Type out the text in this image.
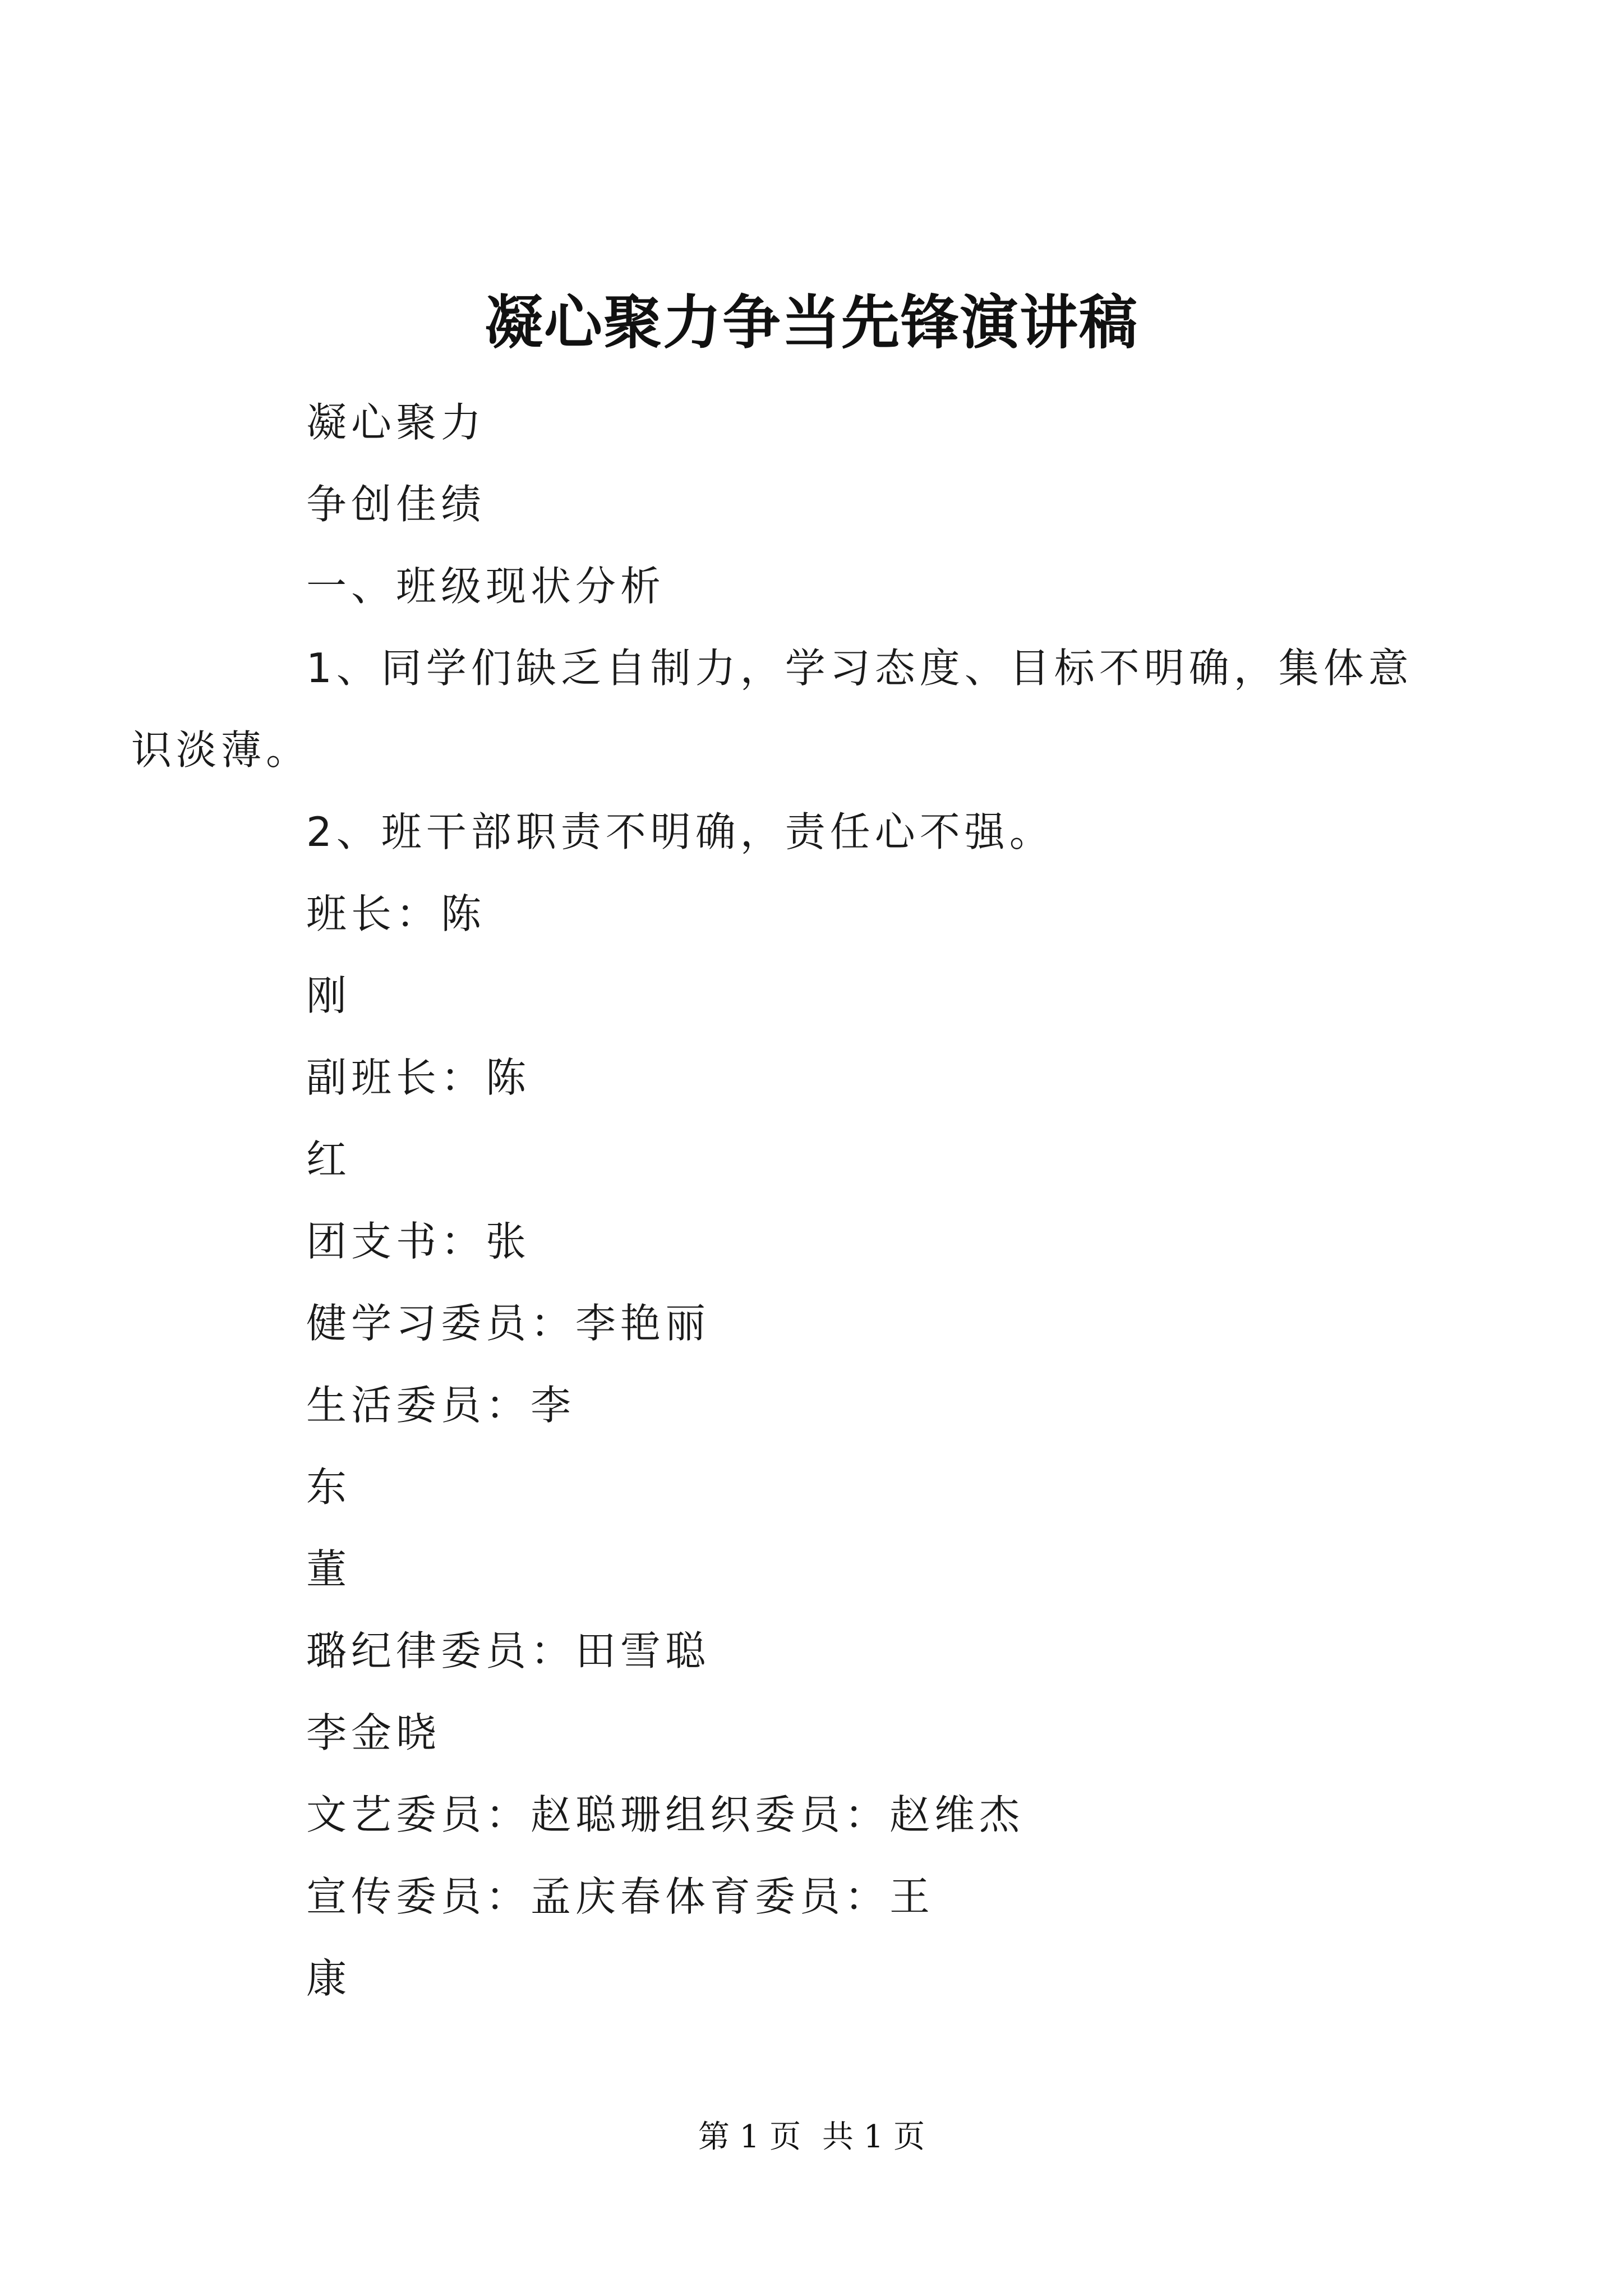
凝心聚力争当先锋演讲稿

凝心聚力

争创佳绩

一、班级现状分析

1、同学们缺乏自制力，学习态度、目标不明确，集体意识淡薄。

2、班干部职责不明确，责任心不强。

班长：陈

刚

副班长：陈

红

团支书：张

健学习委员：李艳丽

生活委员：李

东

董

璐纪律委员：田雪聪

李金晓

文艺委员：赵聪珊组织委员：赵维杰

宣传委员：孟庆春体育委员：王

康

第 1 页 共 1 页
